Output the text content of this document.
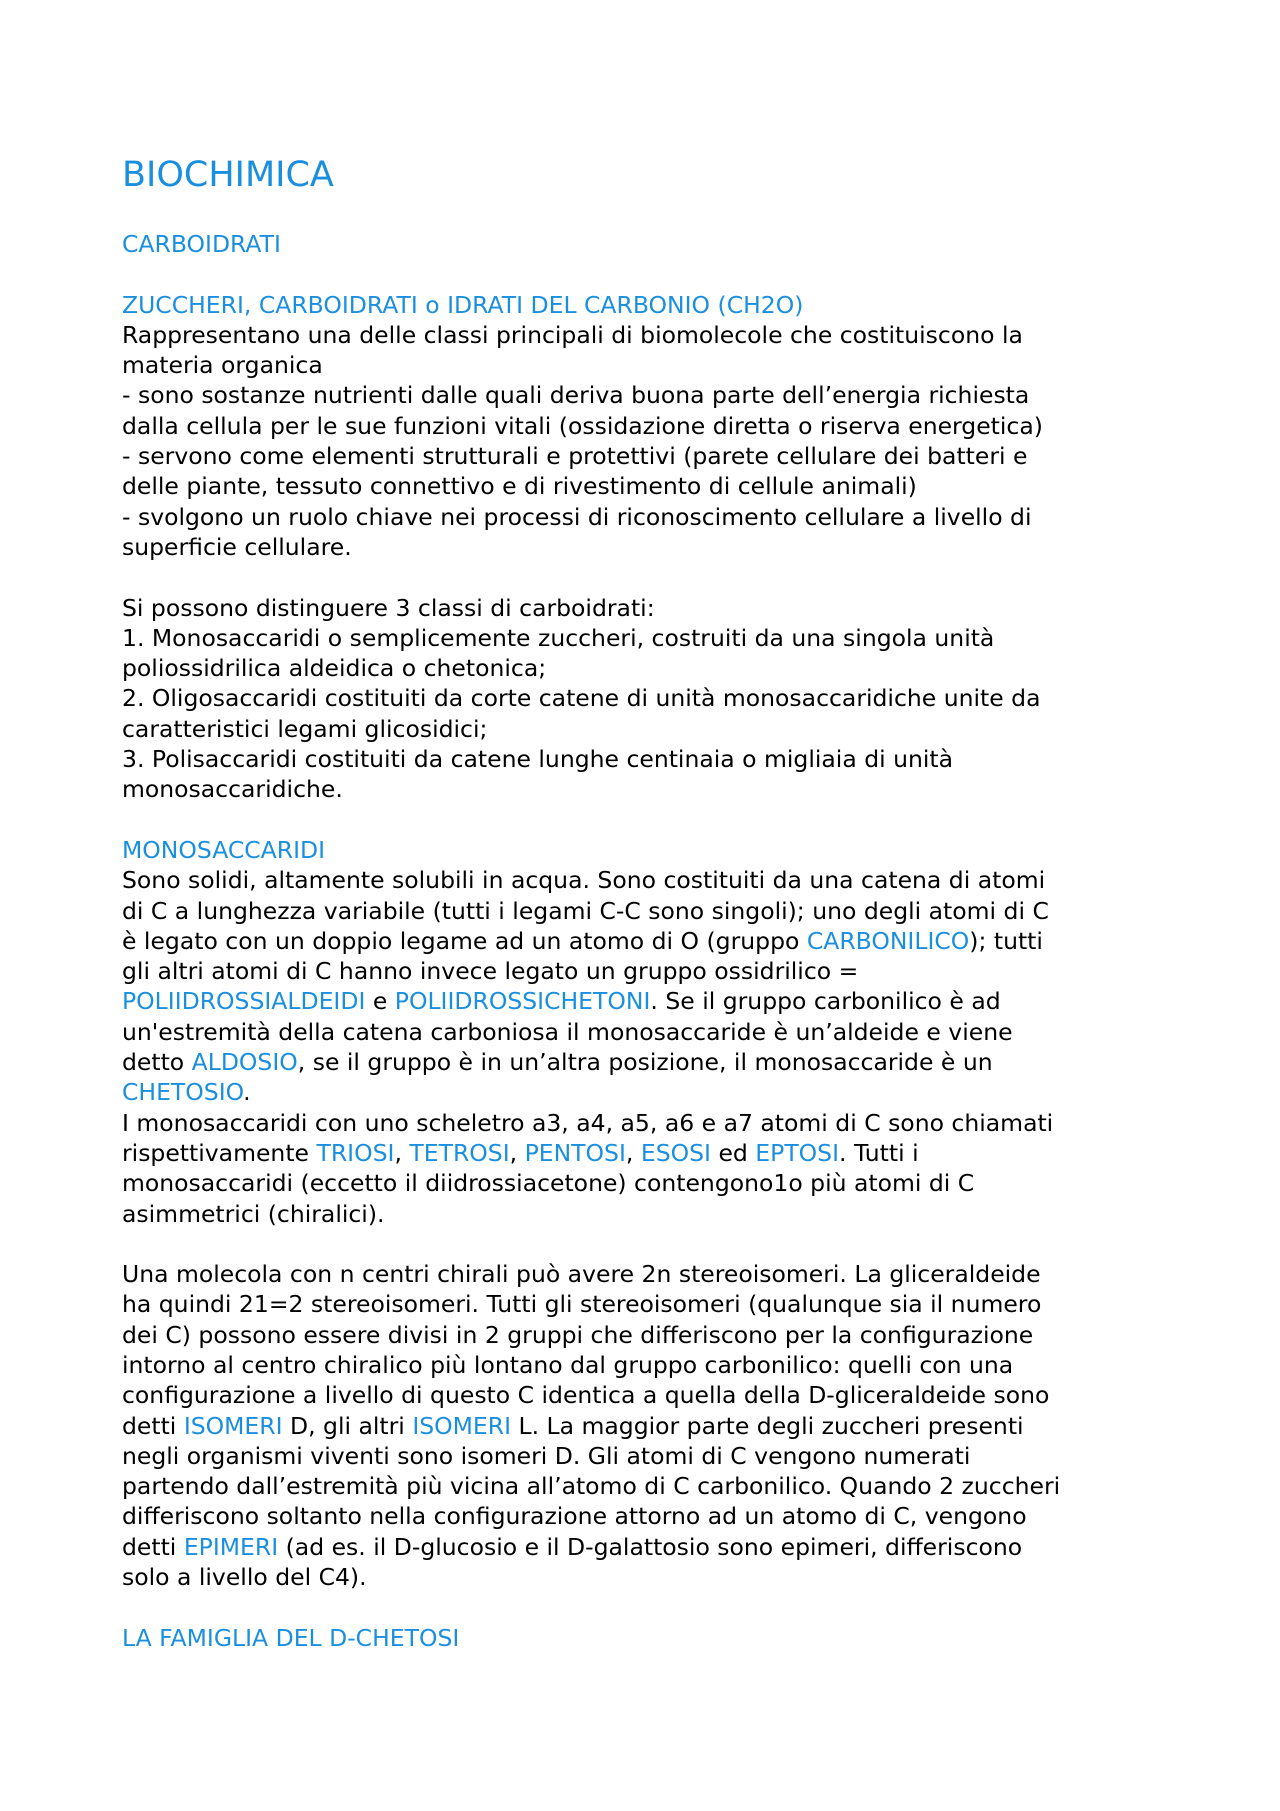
BIOCHIMICA

CARBOIDRATI

ZUCCHERI, CARBOIDRATI o IDRATI DEL CARBONIO (CH2O)

Rappresentano una delle classi principali di biomolecole che costituiscono la
materia organica
- sono sostanze nutrienti dalle quali deriva buona parte dell’energia richiesta
dalla cellula per le sue funzioni vitali (ossidazione diretta o riserva energetica)
- servono come elementi strutturali e protettivi (parete cellulare dei batteri e
delle piante, tessuto connettivo e di rivestimento di cellule animali)
- svolgono un ruolo chiave nei processi di riconoscimento cellulare a livello di
superficie cellulare.
Si possono distinguere 3 classi di carboidrati:
1. Monosaccaridi o semplicemente zuccheri, costruiti da una singola unità
poliossidrilica aldeidica o chetonica;
2. Oligosaccaridi costituiti da corte catene di unità monosaccaridiche unite da
caratteristici legami glicosidici;
3. Polisaccaridi costituiti da catene lunghe centinaia o migliaia di unità
monosaccaridiche.

MONOSACCARIDI

Sono solidi, altamente solubili in acqua. Sono costituiti da una catena di atomi
di C a lunghezza variabile (tutti i legami C-C sono singoli); uno degli atomi di C
è legato con un doppio legame ad un atomo di O (gruppo CARBONILICO); tutti
gli altri atomi di C hanno invece legato un gruppo ossidrilico =
POLIIDROSSIALDEIDI e POLIIDROSSICHETONI. Se il gruppo carbonilico è ad
un'estremità della catena carboniosa il monosaccaride è un’aldeide e viene
detto ALDOSIO, se il gruppo è in un’altra posizione, il monosaccaride è un
CHETOSIO.
I monosaccaridi con uno scheletro a3, a4, a5, a6 e a7 atomi di C sono chiamati
rispettivamente TRIOSI, TETROSI, PENTOSI, ESOSI ed EPTOSI. Tutti i
monosaccaridi (eccetto il diidrossiacetone) contengono1o più atomi di C
asimmetrici (chiralici).
Una molecola con n centri chirali può avere 2n stereoisomeri. La gliceraldeide
ha quindi 21=2 stereoisomeri. Tutti gli stereoisomeri (qualunque sia il numero
dei C) possono essere divisi in 2 gruppi che differiscono per la configurazione
intorno al centro chiralico più lontano dal gruppo carbonilico: quelli con una
configurazione a livello di questo C identica a quella della D-gliceraldeide sono
detti ISOMERI D, gli altri ISOMERI L. La maggior parte degli zuccheri presenti
negli organismi viventi sono isomeri D. Gli atomi di C vengono numerati
partendo dall’estremità più vicina all’atomo di C carbonilico. Quando 2 zuccheri
differiscono soltanto nella configurazione attorno ad un atomo di C, vengono
detti EPIMERI (ad es. il D-glucosio e il D-galattosio sono epimeri, differiscono
solo a livello del C4).

LA FAMIGLIA DEL D-CHETOSI
